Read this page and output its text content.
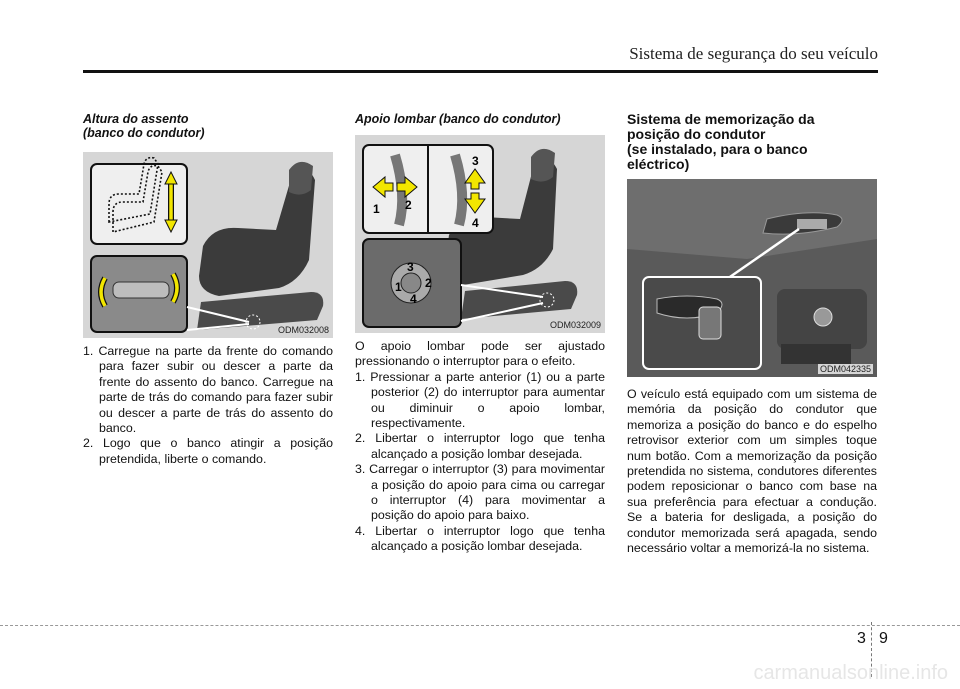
Sistema de segurança do seu veículo
Altura do assento
(banco do condutor)
ODM032008
1. Carregue na parte da frente do comando para fazer subir ou descer a parte da frente do assento do banco. Carregue na parte de trás do comando para fazer subir ou descer a parte de trás do assento do banco.
2. Logo que o banco atingir a posição pretendida, liberte o comando.
Apoio lombar (banco do condutor)
1 2
3
4
1 2
3
4
ODM032009

O apoio lombar pode ser ajustado pressionando o interruptor para o efeito.

1. Pressionar a parte anterior (1) ou a parte posterior (2) do interruptor para aumentar ou diminuir o apoio lombar, respectivamente.
2. Libertar o interruptor logo que tenha alcançado a posição lombar desejada.
3. Carregar o interruptor (3) para movimentar a posição do apoio para cima ou carregar o interruptor (4) para movimentar a posição do apoio para baixo.
4. Libertar o interruptor logo que tenha alcançado a posição lombar desejada.
Sistema de memorização da
posição do condutor
(se instalado, para o banco
eléctrico)
ODM042335

O veículo está equipado com um sistema de memória da posição do condutor que memoriza a posição do banco e do espelho retrovisor exterior com um simples toque num botão. Com a memorização da posição pretendida no sistema, condutores diferentes podem reposicionar o banco com base na sua preferência para efectuar a condução. Se a bateria for desligada, a posição do condutor memorizada será apagada, sendo necessário voltar a memorizá-la no sistema.

3 9
carmanualsonline.info
